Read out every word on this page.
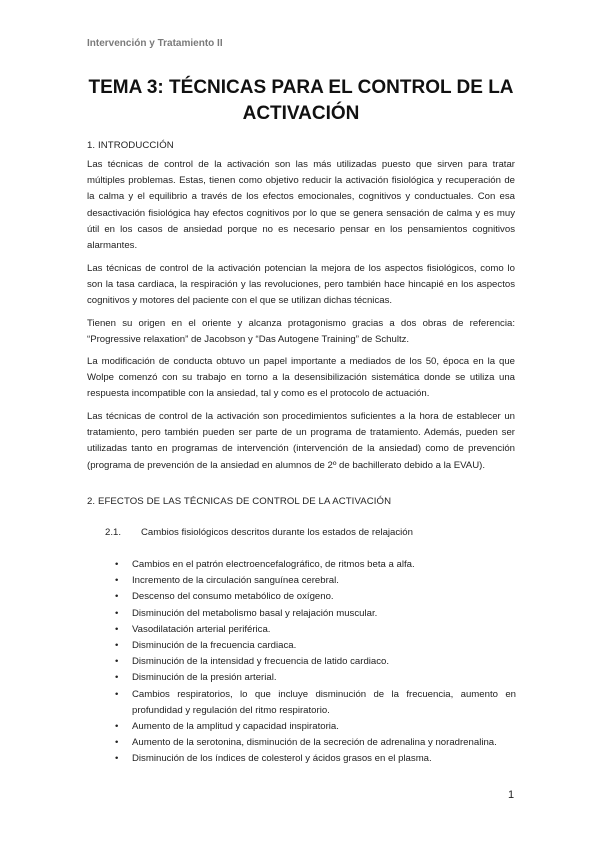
Intervención y Tratamiento II
TEMA 3: TÉCNICAS PARA EL CONTROL DE LA
ACTIVACIÓN
1. INTRODUCCIÓN

Las técnicas de control de la activación son las más utilizadas puesto que sirven para tratar múltiples problemas. Estas, tienen como objetivo reducir la activación fisiológica y recuperación de la calma y el equilibrio a través de los efectos emocionales, cognitivos y conductuales. Con esa desactivación fisiológica hay efectos cognitivos por lo que se genera sensación de calma y es muy útil en los casos de ansiedad porque no es necesario pensar en los pensamientos cognitivos alarmantes.

Las técnicas de control de la activación potencian la mejora de los aspectos fisiológicos, como lo son la tasa cardiaca, la respiración y las revoluciones, pero también hace hincapié en los aspectos cognitivos y motores del paciente con el que se utilizan dichas técnicas.

Tienen su origen en el oriente y alcanza protagonismo gracias a dos obras de referencia: “Progressive relaxation” de Jacobson y “Das Autogene Training” de Schultz.

La modificación de conducta obtuvo un papel importante a mediados de los 50, época en la que Wolpe comenzó con su trabajo en torno a la desensibilización sistemática donde se utiliza una respuesta incompatible con la ansiedad, tal y como es el protocolo de actuación.

Las técnicas de control de la activación son procedimientos suficientes a la hora de establecer un tratamiento, pero también pueden ser parte de un programa de tratamiento. Además, pueden ser utilizadas tanto en programas de intervención (intervención de la ansiedad) como de prevención (programa de prevención de la ansiedad en alumnos de 2º de bachillerato debido a la EVAU).

2. EFECTOS DE LAS TÉCNICAS DE CONTROL DE LA ACTIVACIÓN
2.1. Cambios fisiológicos descritos durante los estados de relajación
• Cambios en el patrón electroencefalográfico, de ritmos beta a alfa.
• Incremento de la circulación sanguínea cerebral.
• Descenso del consumo metabólico de oxígeno.
• Disminución del metabolismo basal y relajación muscular.
• Vasodilatación arterial periférica.
• Disminución de la frecuencia cardiaca.
• Disminución de la intensidad y frecuencia de latido cardiaco.
• Disminución de la presión arterial.
• Cambios respiratorios, lo que incluye disminución de la frecuencia, aumento en profundidad y regulación del ritmo respiratorio.
• Aumento de la amplitud y capacidad inspiratoria.
• Aumento de la serotonina, disminución de la secreción de adrenalina y noradrenalina.
• Disminución de los índices de colesterol y ácidos grasos en el plasma.
1
